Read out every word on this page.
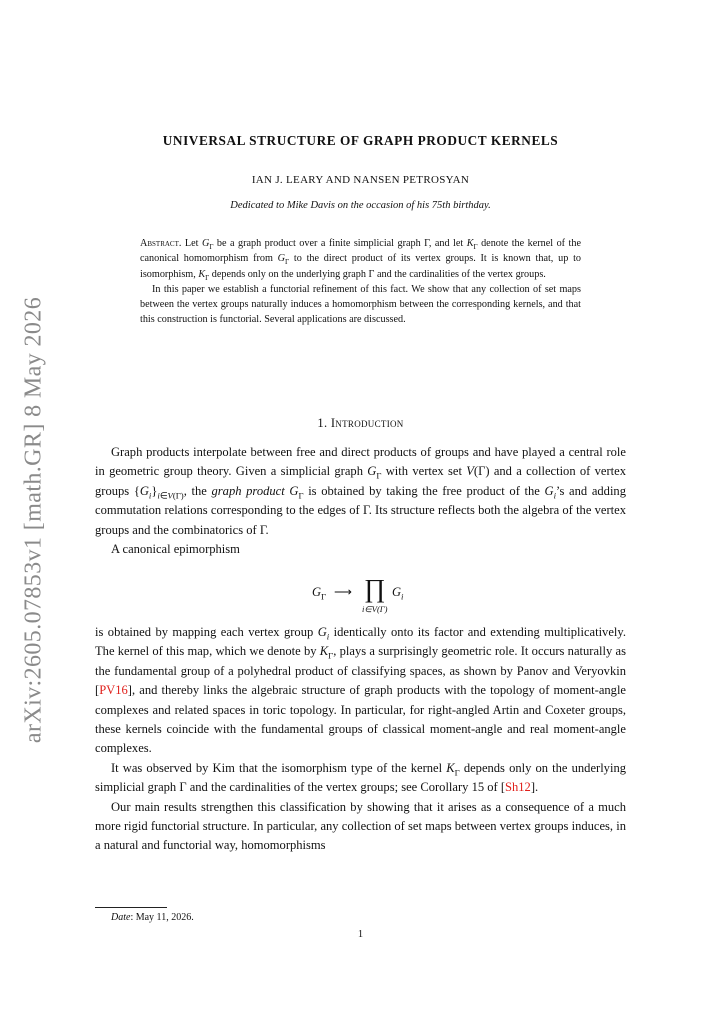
arXiv:2605.07853v1 [math.GR] 8 May 2026
UNIVERSAL STRUCTURE OF GRAPH PRODUCT KERNELS
IAN J. LEARY AND NANSEN PETROSYAN
Dedicated to Mike Davis on the occasion of his 75th birthday.

Abstract. Let $G_\Gamma$ be a graph product over a finite simplicial graph Γ, and let $K_\Gamma$ denote the kernel of the canonical homomorphism from $G_\Gamma$ to the direct product of its vertex groups. It is known that, up to isomorphism, $K_\Gamma$ depends only on the underlying graph Γ and the cardinalities of the vertex groups.

In this paper we establish a functorial refinement of this fact. We show that any collection of set maps between the vertex groups naturally induces a homomorphism between the corresponding kernels, and that this construction is functorial. Several applications are discussed.

1. Introduction

Graph products interpolate between free and direct products of groups and have played a central role in geometric group theory. Given a simplicial graph $G_\Gamma$ with vertex set V(Γ) and a collection of vertex groups $\{G_i\}_{i\in V(\Gamma)}$, the graph product $G_\Gamma$ is obtained by taking the free product of the $G_i’s$ and adding commutation relations corresponding to the edges of Γ. Its structure reflects both the algebra of the vertex groups and the combinatorics of Γ.

A canonical epimorphism

$G_\Gamma$ ⟶ ∏
i∈V(Γ)
$G_i$

is obtained by mapping each vertex group $G_i$ identically onto its factor and extending multiplicatively. The kernel of this map, which we denote by $K_\Gamma$, plays a surprisingly geometric role. It occurs naturally as the fundamental group of a polyhedral product of classifying spaces, as shown by Panov and Veryovkin [PV16], and thereby links the algebraic structure of graph products with the topology of moment-angle complexes and related spaces in toric topology. In particular, for right-angled Artin and Coxeter groups, these kernels coincide with the fundamental groups of classical moment-angle and real moment-angle complexes.

It was observed by Kim that the isomorphism type of the kernel $K_\Gamma$ depends only on the underlying simplicial graph Γ and the cardinalities of the vertex groups; see Corollary 15 of [Sh12].

Our main results strengthen this classification by showing that it arises as a consequence of a much more rigid functorial structure. In particular, any collection of set maps between vertex groups induces, in a natural and functorial way, homomorphisms

Date: May 11, 2026.
1
